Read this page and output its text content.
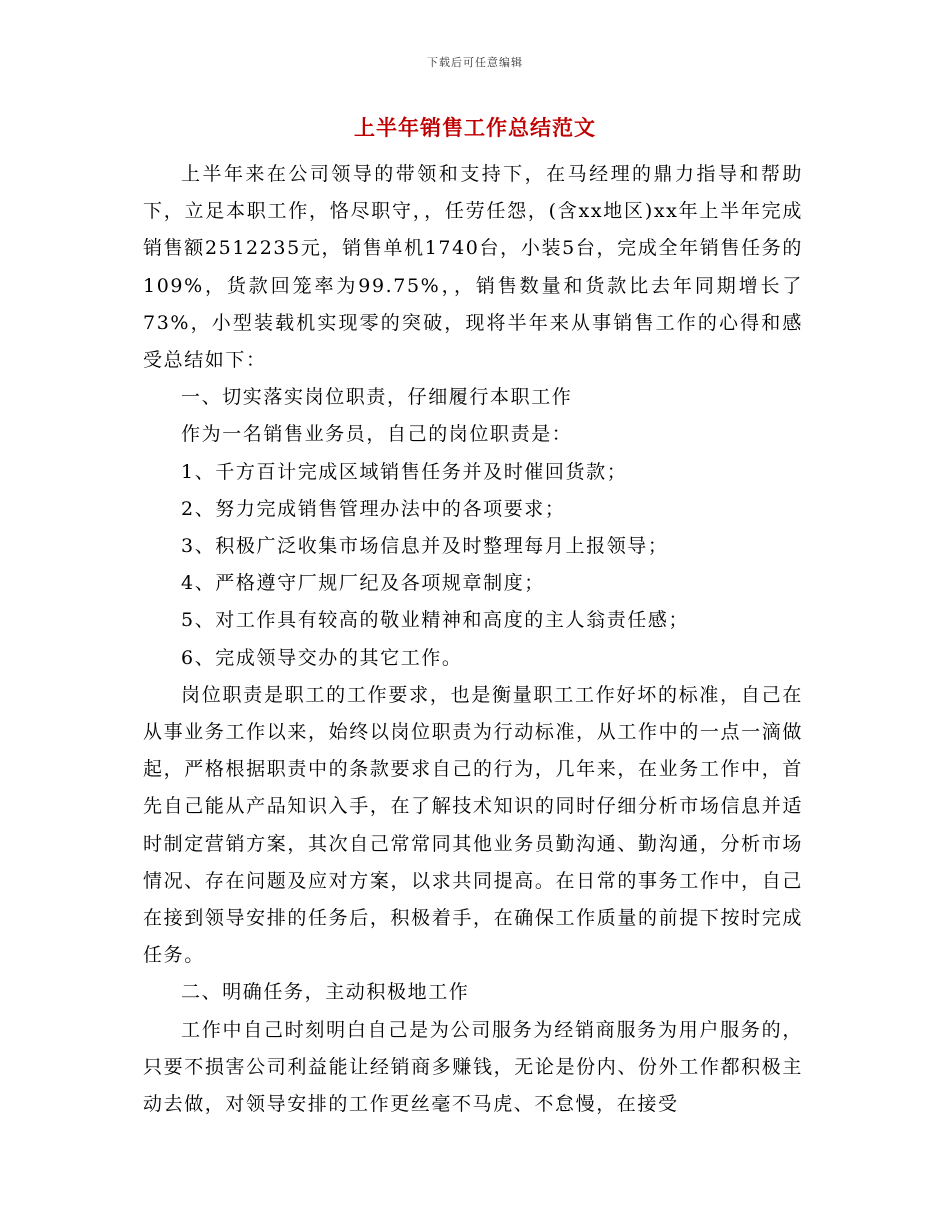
下载后可任意编辑
上半年销售工作总结范文

上半年来在公司领导的带领和支持下，在马经理的鼎力指导和帮助下，立足本职工作，恪尽职守，，任劳任怨，(含xx地区)xx年上半年完成销售额2512235元，销售单机1740台，小装5台，完成全年销售任务的109%，货款回笼率为99.75%，，销售数量和货款比去年同期增长了73%，小型装载机实现零的突破，现将半年来从事销售工作的心得和感受总结如下：

一、切实落实岗位职责，仔细履行本职工作

作为一名销售业务员，自己的岗位职责是：

1、千方百计完成区域销售任务并及时催回货款；

2、努力完成销售管理办法中的各项要求；

3、积极广泛收集市场信息并及时整理每月上报领导；

4、严格遵守厂规厂纪及各项规章制度；

5、对工作具有较高的敬业精神和高度的主人翁责任感；

6、完成领导交办的其它工作。

岗位职责是职工的工作要求，也是衡量职工工作好坏的标准，自己在从事业务工作以来，始终以岗位职责为行动标准，从工作中的一点一滴做起，严格根据职责中的条款要求自己的行为，几年来，在业务工作中，首先自己能从产品知识入手，在了解技术知识的同时仔细分析市场信息并适时制定营销方案，其次自己常常同其他业务员勤沟通、勤沟通，分析市场情况、存在问题及应对方案，以求共同提高。在日常的事务工作中，自己在接到领导安排的任务后，积极着手，在确保工作质量的前提下按时完成任务。

二、明确任务，主动积极地工作

工作中自己时刻明白自己是为公司服务为经销商服务为用户服务的，只要不损害公司利益能让经销商多赚钱，无论是份内、份外工作都积极主动去做，对领导安排的工作更丝毫不马虎、不怠慢，在接受
